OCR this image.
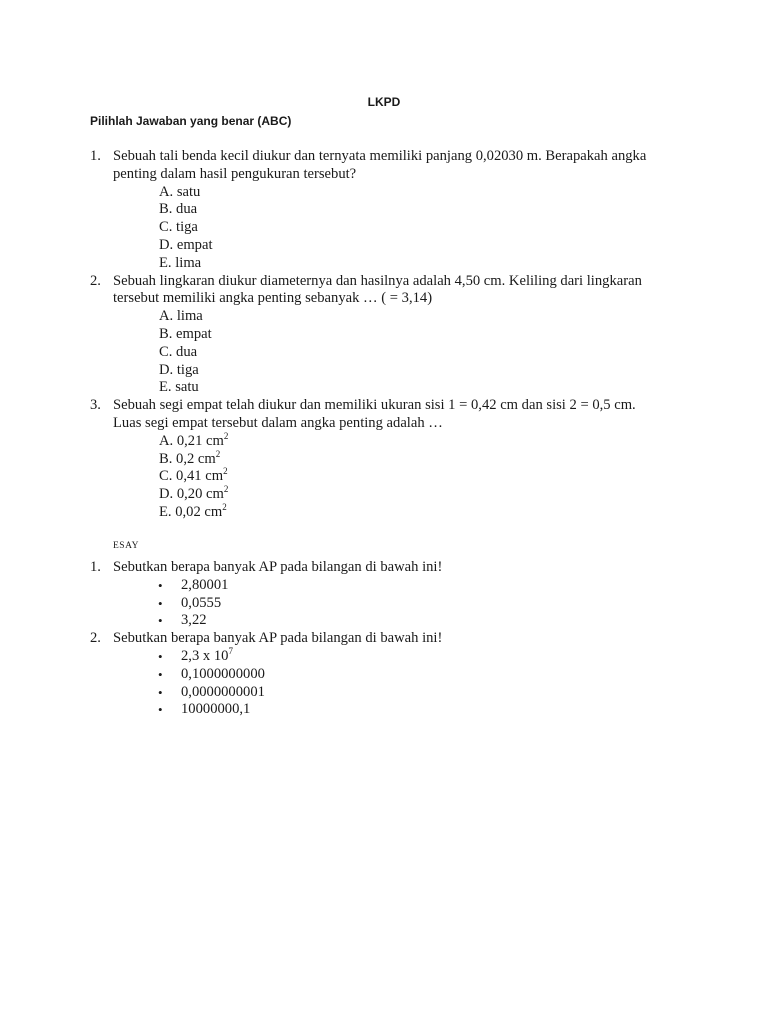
LKPD
Pilihlah Jawaban yang benar (ABC)
1. Sebuah tali benda kecil diukur dan ternyata memiliki panjang 0,02030 m. Berapakah angka
penting dalam hasil pengukuran tersebut?
A. satu
B. dua
C. tiga
D. empat
E. lima
2. Sebuah lingkaran diukur diameternya dan hasilnya adalah 4,50 cm. Keliling dari lingkaran
tersebut memiliki angka penting sebanyak … ( = 3,14)
A. lima
B. empat
C. dua
D. tiga
E. satu
3. Sebuah segi empat telah diukur dan memiliki ukuran sisi 1 = 0,42 cm dan sisi 2 = 0,5 cm.
Luas segi empat tersebut dalam angka penting adalah …
A. 0,21 $cm^2$
B. 0,2 $cm^2$
C. 0,41 $cm^2$
D. 0,20 $cm^2$
E. 0,02 $cm^2$
ESAY
1. Sebutkan berapa banyak AP pada bilangan di bawah ini!
• 2,80001
• 0,0555
• 3,22
2. Sebutkan berapa banyak AP pada bilangan di bawah ini!
• 2,3 x $10^7$
• 0,1000000000
• 0,0000000001
• 10000000,1
